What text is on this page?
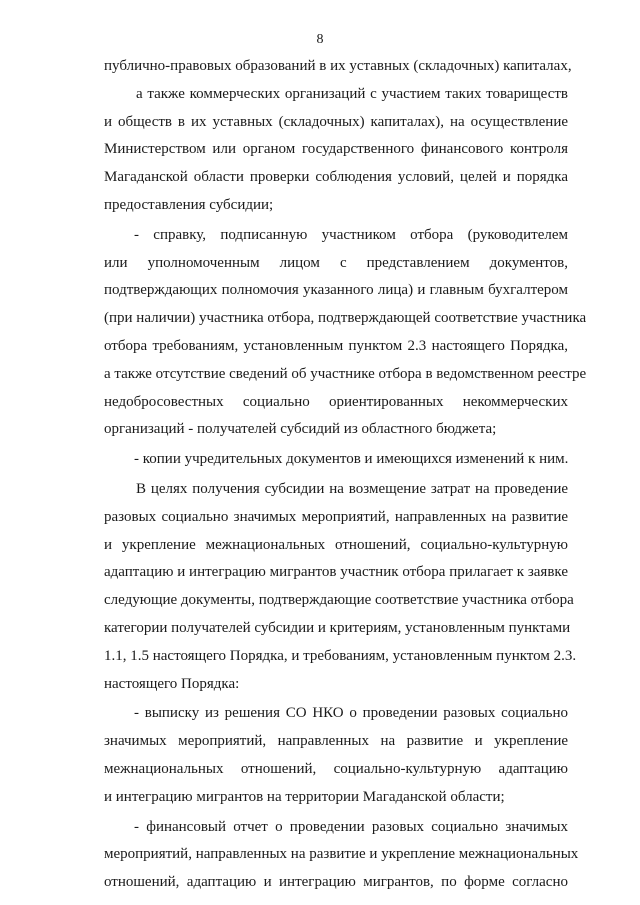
8
публично-правовых образований в их уставных (складочных) капиталах,
а также коммерческих организаций с участием таких товариществ
и обществ в их уставных (складочных) капиталах), на осуществление
Министерством или органом государственного финансового контроля
Магаданской области проверки соблюдения условий, целей и порядка
предоставления субсидии;
- справку, подписанную участником отбора (руководителем
или уполномоченным лицом с представлением документов,
подтверждающих полномочия указанного лица) и главным бухгалтером
(при наличии) участника отбора, подтверждающей соответствие участника
отбора требованиям, установленным пунктом 2.3 настоящего Порядка,
а также отсутствие сведений об участнике отбора в ведомственном реестре
недобросовестных социально ориентированных некоммерческих
организаций - получателей субсидий из областного бюджета;
- копии учредительных документов и имеющихся изменений к ним.
В целях получения субсидии на возмещение затрат на проведение
разовых социально значимых мероприятий, направленных на развитие
и укрепление межнациональных отношений, социально-культурную
адаптацию и интеграцию мигрантов участник отбора прилагает к заявке
следующие документы, подтверждающие соответствие участника отбора
категории получателей субсидии и критериям, установленным пунктами
1.1, 1.5 настоящего Порядка, и требованиям, установленным пунктом 2.3.
настоящего Порядка:
- выписку из решения СО НКО о проведении разовых социально
значимых мероприятий, направленных на развитие и укрепление
межнациональных отношений, социально-культурную адаптацию
и интеграцию мигрантов на территории Магаданской области;
- финансовый отчет о проведении разовых социально значимых
мероприятий, направленных на развитие и укрепление межнациональных
отношений, адаптацию и интеграцию мигрантов, по форме согласно
